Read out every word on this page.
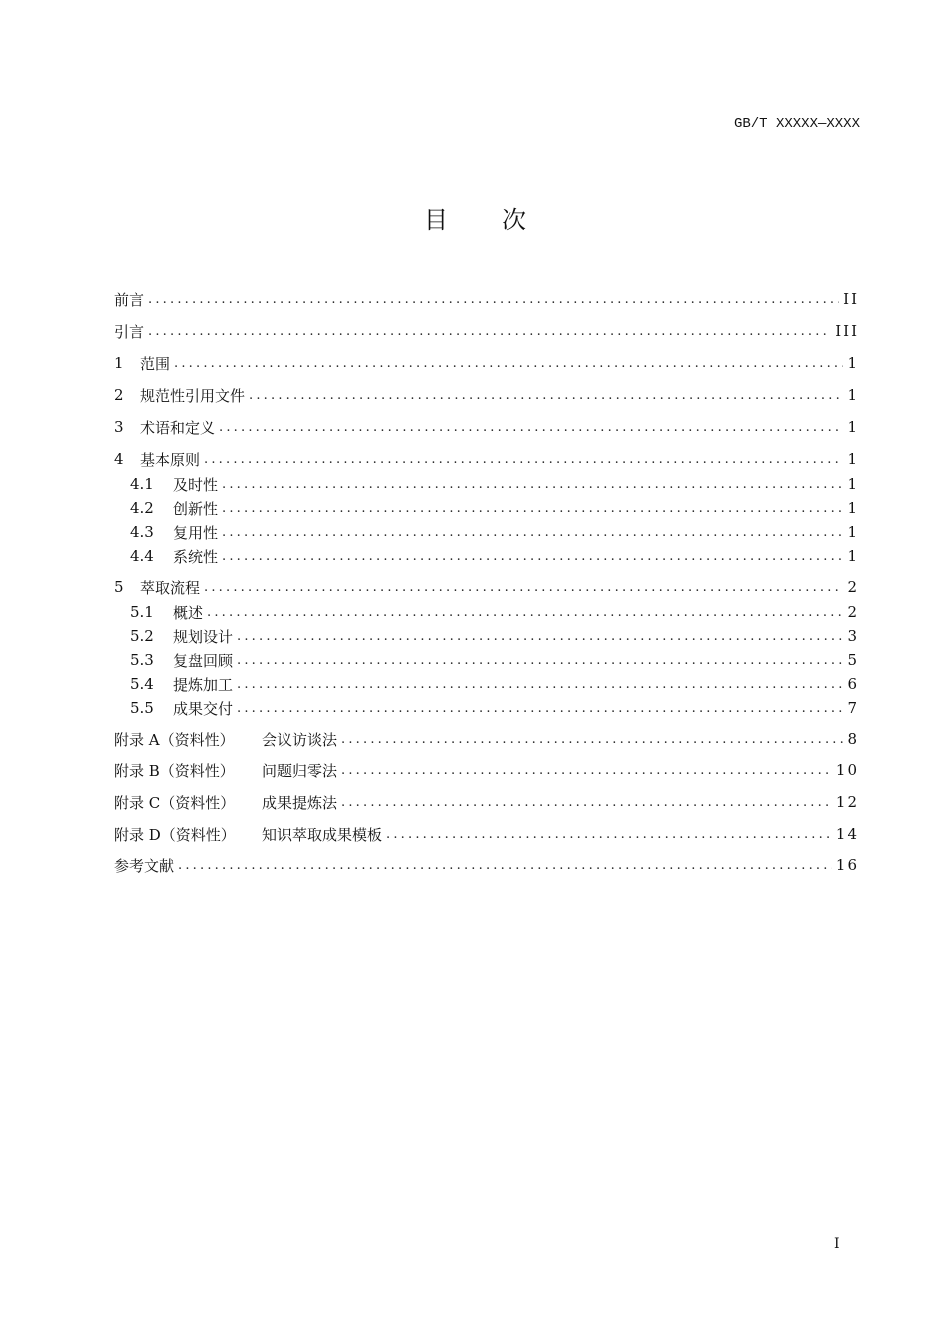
GB/T XXXXX—XXXX
目次
前言 .....	II
引言 .....	III
1	范围 .....	1
2	规范性引用文件 .....	1
3	术语和定义 .....	1
4	基本原则 .....	1
4.1	及时性 .....	1
4.2	创新性 .....	1
4.3	复用性 .....	1
4.4	系统性 .....	1
5	萃取流程 .....	2
5.1	概述 .....	2
5.2	规划设计 .....	3
5.3	复盘回顾 .....	5
5.4	提炼加工 .....	6
5.5	成果交付 .....	7
附录 A（资料性）	会议访谈法 .....	8
附录 B（资料性）	问题归零法 .....	10
附录 C（资料性）	成果提炼法 .....	12
附录 D（资料性）	知识萃取成果模板 .....	14
参考文献 .....	16
I
